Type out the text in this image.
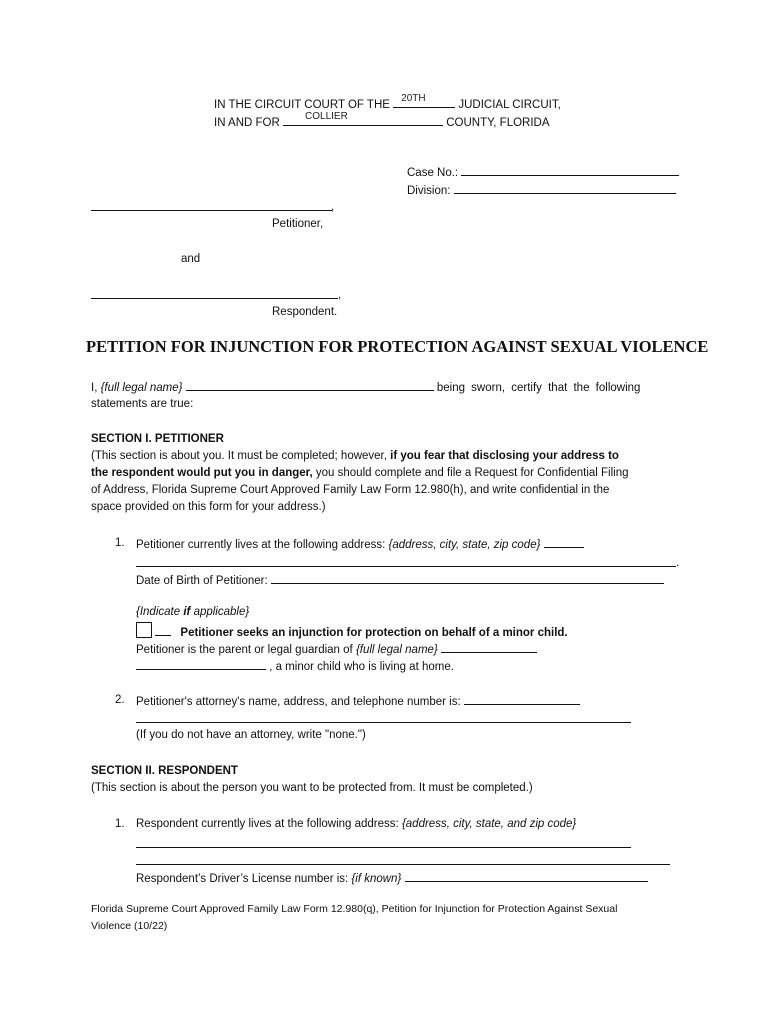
IN THE CIRCUIT COURT OF THE
20TH
JUDICIAL CIRCUIT,
IN AND FOR
COLLIER
COUNTY, FLORIDA
Case No.:
Division:
,
Petitioner,
and
,
Respondent.
PETITION FOR INJUNCTION FOR PROTECTION AGAINST SEXUAL VIOLENCE
I, {full legal name}	being sworn, certify that the following
statements are true:
SECTION I. PETITIONER
(This section is about you. It must be completed; however, if you fear that disclosing your address to
the respondent would put you in danger, you should complete and file a Request for Confidential Filing
of Address, Florida Supreme Court Approved Family Law Form 12.980(h), and write confidential in the
space provided on this form for your address.)
1. Petitioner currently lives at the following address: {address, city, state, zip code}
.
Date of Birth of Petitioner:
{Indicate if applicable}
Petitioner seeks an injunction for protection on behalf of a minor child.
Petitioner is the parent or legal guardian of {full legal name}
, a minor child who is living at home.
2. Petitioner's attorney's name, address, and telephone number is:
(If you do not have an attorney, write "none.")
SECTION II. RESPONDENT
(This section is about the person you want to be protected from. It must be completed.)
1. Respondent currently lives at the following address: {address, city, state, and zip code}
Respondent’s Driver’s License number is: {if known}
Florida Supreme Court Approved Family Law Form 12.980(q), Petition for Injunction for Protection Against Sexual
Violence (10/22)
